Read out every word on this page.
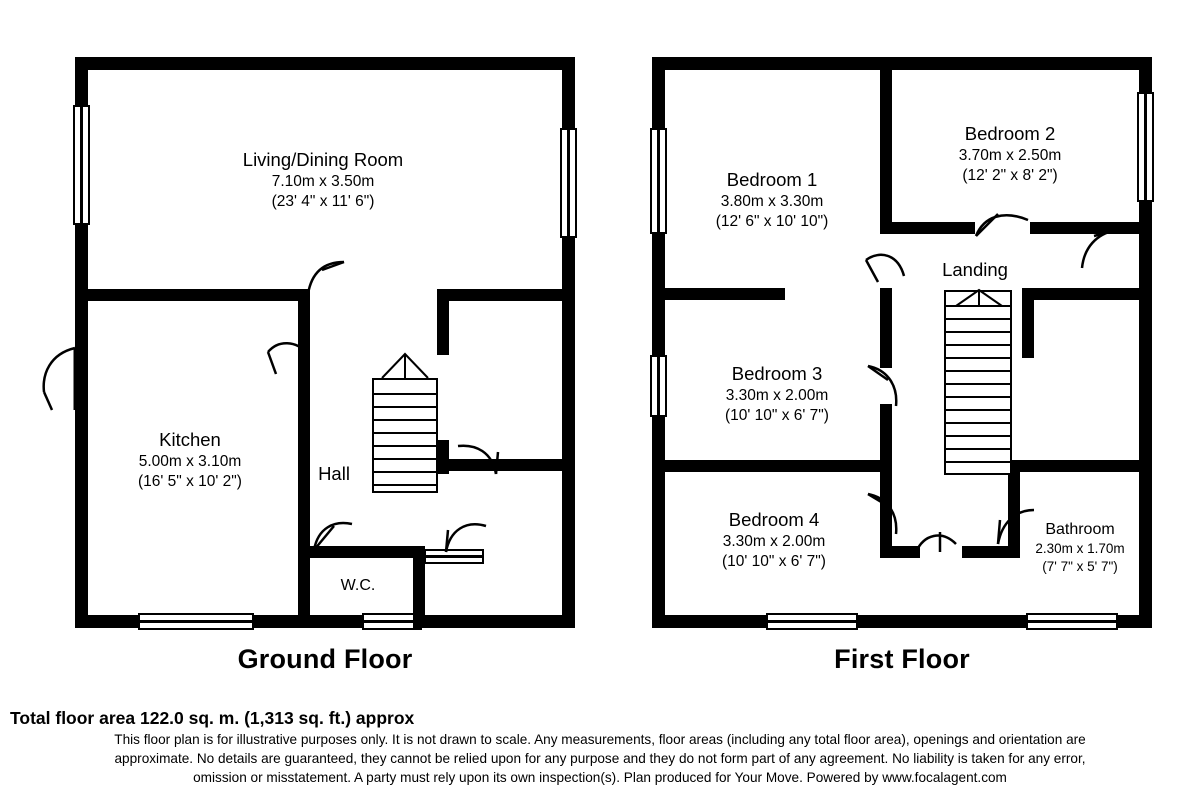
Living/Dining Room
7.10m x 3.50m
(23' 4" x 11' 6")
Kitchen
5.00m x 3.10m
(16' 5" x 10' 2")	Hall
W.C.
Ground Floor
Bedroom 2
3.70m x 2.50m
(12' 2" x 8' 2")
Bedroom 1
3.80m x 3.30m
(12' 6" x 10' 10")
Landing
Bedroom 3
3.30m x 2.00m
(10' 10" x 6' 7")
Bedroom 4
3.30m x 2.00m
(10' 10" x 6' 7")
Bathroom
2.30m x 1.70m
(7' 7" x 5' 7")
First Floor
Total floor area 122.0 sq. m. (1,313 sq. ft.) approx
This floor plan is for illustrative purposes only. It is not drawn to scale. Any measurements, floor areas (including any total floor area), openings and orientation are
approximate. No details are guaranteed, they cannot be relied upon for any purpose and they do not form part of any agreement. No liability is taken for any error,
omission or misstatement. A party must rely upon its own inspection(s). Plan produced for Your Move. Powered by www.focalagent.com
